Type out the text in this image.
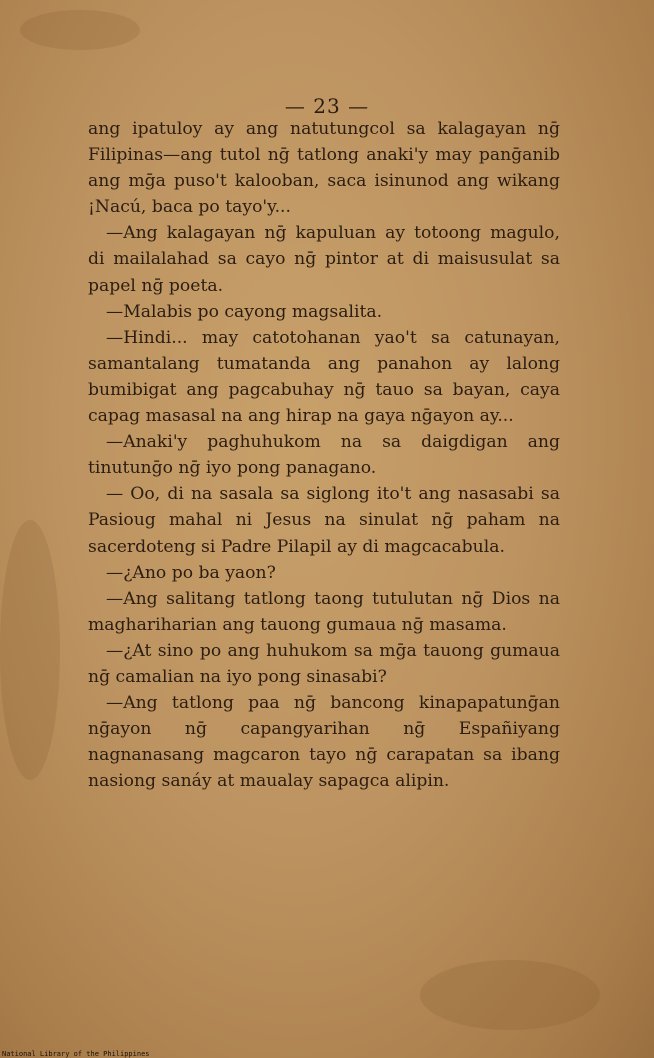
— 23 —

ang ipatuloy ay ang natutungcol sa kalagayan nḡ Filipinas—ang tutol nḡ tatlong anaki'y may panḡanib ang mḡa puso't kalooban, saca isinunod ang wikang ¡Nacú, baca po tayo'y...

—Ang kalagayan nḡ kapuluan ay totoong magulo, di mailalahad sa cayo nḡ pintor at di maisusulat sa papel nḡ poeta.

—Malabis po cayong magsalita.

—Hindi... may catotohanan yao't sa catunayan, samantalang tumatanda ang panahon ay lalong bumibigat ang pagcabuhay nḡ tauo sa bayan, caya capag masasal na ang hirap na gaya nḡayon ay...

—Anaki'y paghuhukom na sa daigdigan ang tinutunḡo nḡ iyo pong panagano.

— Oo, di na sasala sa siglong ito't ang nasasabi sa Pasioug mahal ni Jesus na sinulat nḡ paham na sacerdoteng si Padre Pilapil ay di magcacabula.

—¿Ano po ba yaon?

—Ang salitang tatlong taong tutulutan nḡ Dios na maghariharian ang tauong gumaua nḡ masama.

—¿At sino po ang huhukom sa mḡa tauong gumaua nḡ camalian na iyo pong sinasabi?

—Ang tatlong paa nḡ bancong kinapapatunḡan nḡayon nḡ capangyarihan nḡ Españiyang nagnanasang magcaron tayo nḡ carapatan sa ibang nasiong sanáy at maualay sapagca alipin.

National Library of the Philippines
